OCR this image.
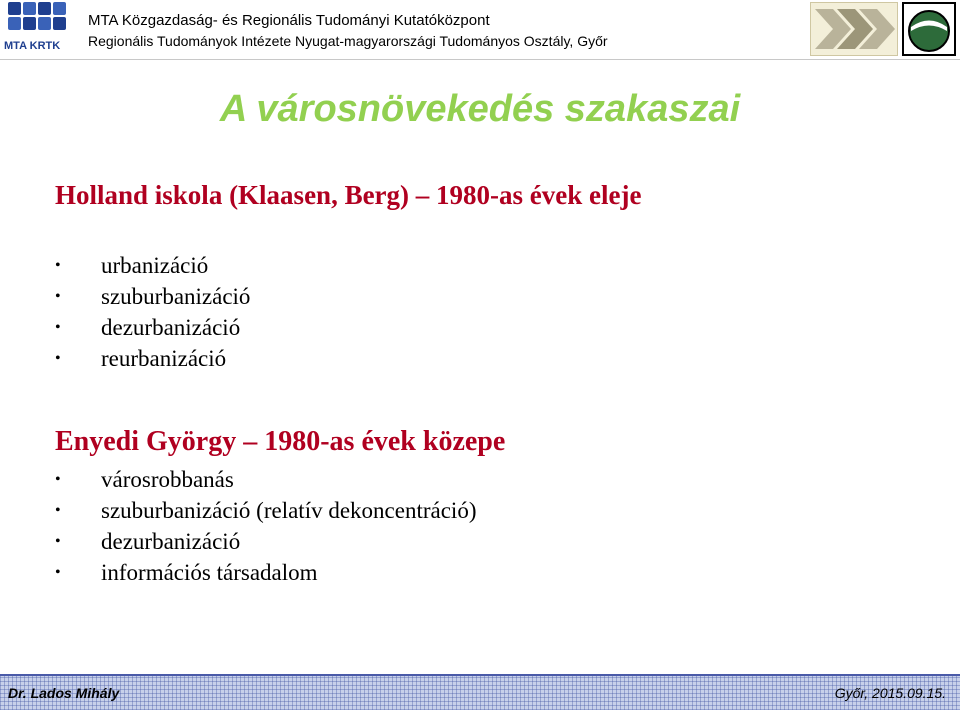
MTA KRTK
MTA Közgazdaság- és Regionális Tudományi Kutatóközpont
Regionális Tudományok Intézete Nyugat-magyarországi Tudományos Osztály, Győr
A városnövekedés szakaszai
Holland iskola (Klaasen, Berg) – 1980-as évek eleje
• urbanizáció
• szuburbanizáció
• dezurbanizáció
• reurbanizáció
Enyedi György – 1980-as évek közepe
• városrobbanás
• szuburbanizáció (relatív dekoncentráció)
• dezurbanizáció
• információs társadalom
Dr. Lados Mihály	Győr, 2015.09.15.
